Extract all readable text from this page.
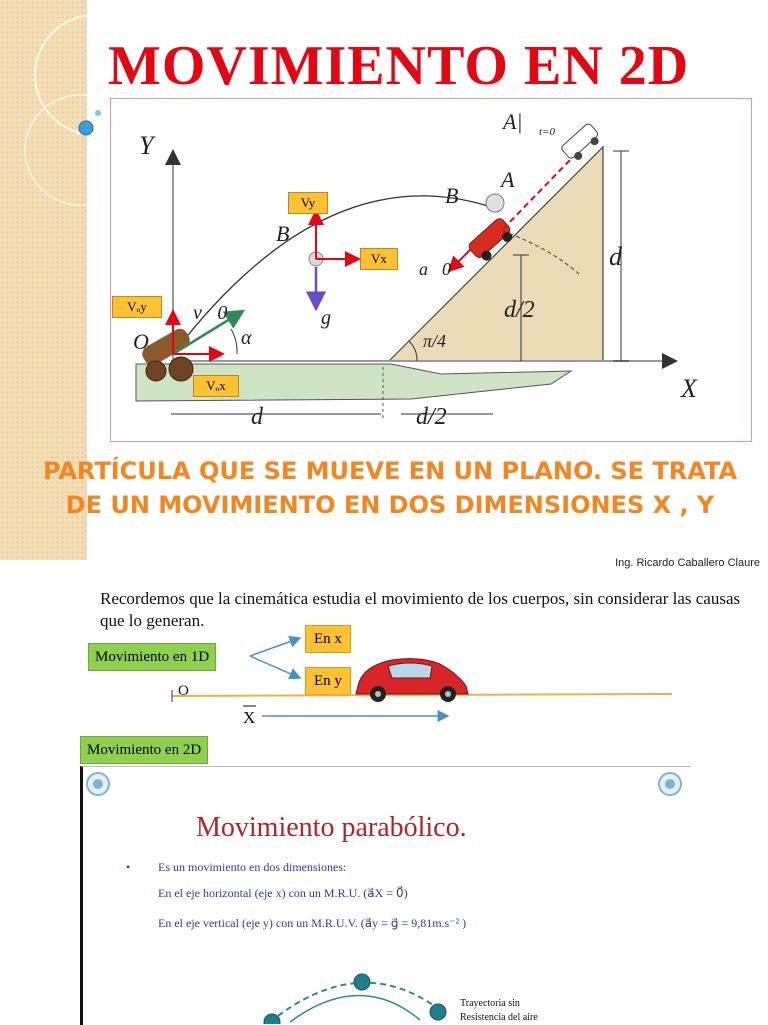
MOVIMIENTO EN 2D
Y
X
O
B
B
A
A| t=0
v⃗0
α
g⃗
a⃗0
π/4
d
d/2
d	d/2
Vy
Vx
Vₒy
Vₒx
PARTÍCULA QUE SE MUEVE EN UN PLANO. SE TRATA
DE UN MOVIMIENTO EN DOS DIMENSIONES X , Y
Ing. Ricardo Caballero Claure
Recordemos que la cinemática estudia el movimiento de los cuerpos, sin considerar las causas que lo generan.
Movimiento en 1D
En x
En y
O
X
Movimiento en 2D
Movimiento parabólico.
• Es un movimiento en dos dimensiones:
En el eje horizontal (eje x) con un M.R.U. (a⃗X = 0⃗)
En el eje vertical (eje y) con un M.R.U.V. (a⃗y = g⃗ = 9,81m.s⁻² )
Trayectoria sin
Resistencia del aire
